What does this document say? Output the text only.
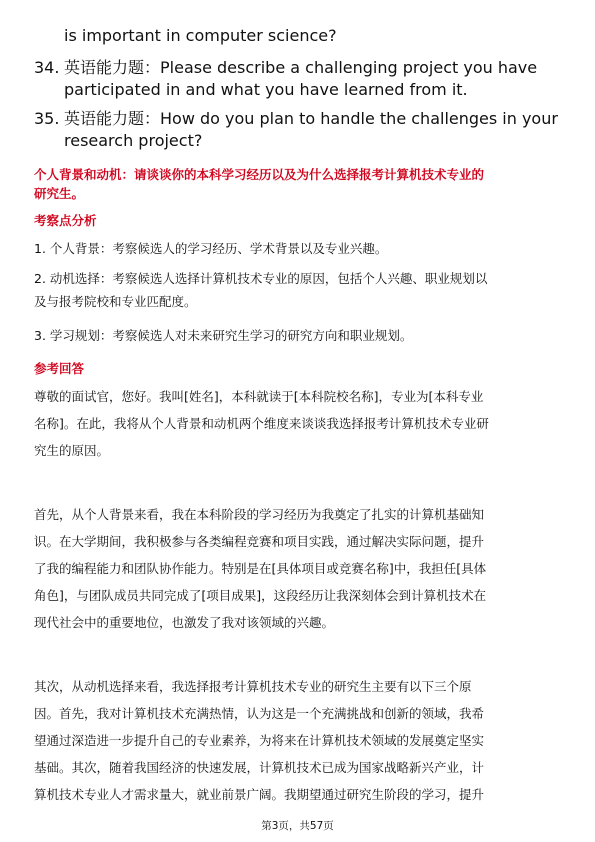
is important in computer science?
34. 英语能力题：Please describe a challenging project you have
participated in and what you have learned from it.
35. 英语能力题：How do you plan to handle the challenges in your
research project?
个人背景和动机：请谈谈你的本科学习经历以及为什么选择报考计算机技术专业的
研究生。
考察点分析
1. 个人背景：考察候选人的学习经历、学术背景以及专业兴趣。
2. 动机选择：考察候选人选择计算机技术专业的原因，包括个人兴趣、职业规划以
及与报考院校和专业匹配度。
3. 学习规划：考察候选人对未来研究生学习的研究方向和职业规划。
参考回答
尊敬的面试官，您好。我叫[姓名]，本科就读于[本科院校名称]，专业为[本科专业
名称]。在此，我将从个人背景和动机两个维度来谈谈我选择报考计算机技术专业研
究生的原因。
首先，从个人背景来看，我在本科阶段的学习经历为我奠定了扎实的计算机基础知
识。在大学期间，我积极参与各类编程竞赛和项目实践，通过解决实际问题，提升
了我的编程能力和团队协作能力。特别是在[具体项目或竞赛名称]中，我担任[具体
角色]，与团队成员共同完成了[项目成果]，这段经历让我深刻体会到计算机技术在
现代社会中的重要地位，也激发了我对该领域的兴趣。
其次，从动机选择来看，我选择报考计算机技术专业的研究生主要有以下三个原
因。首先，我对计算机技术充满热情，认为这是一个充满挑战和创新的领域，我希
望通过深造进一步提升自己的专业素养，为将来在计算机技术领域的发展奠定坚实
基础。其次，随着我国经济的快速发展，计算机技术已成为国家战略新兴产业，计
算机技术专业人才需求量大，就业前景广阔。我期望通过研究生阶段的学习，提升
第3页，共57页
